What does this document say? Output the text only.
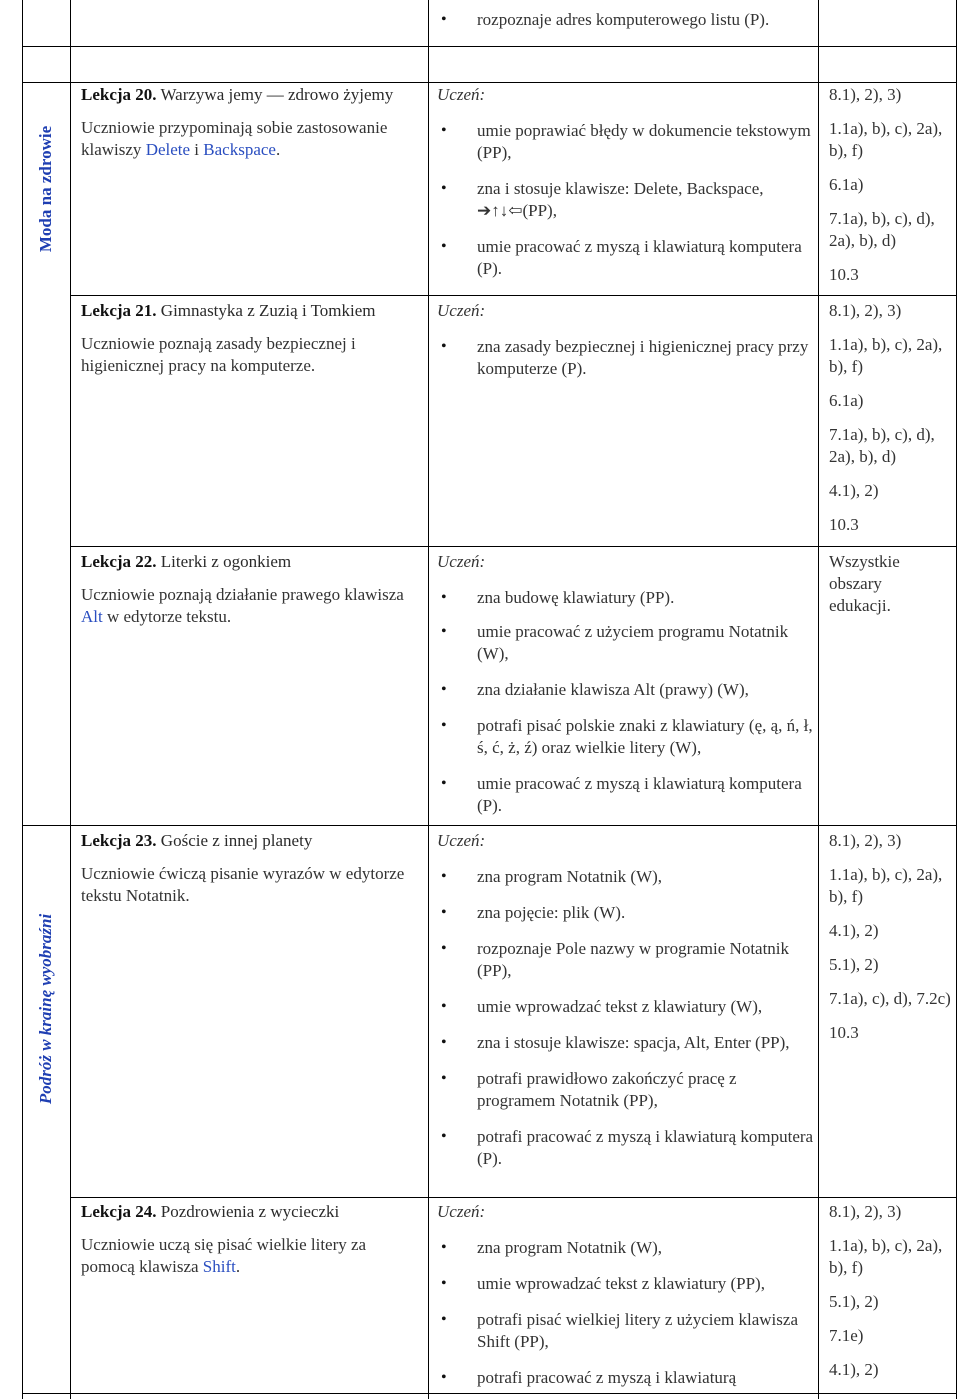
• rozpoznaje adres komputerowego listu (P).
Moda na zdrowie
Podróż w krainę wyobraźni
Lekcja 20. Warzywa jemy — zdrowo żyjemy
Uczniowie przypominają sobie zastosowanie klawiszy Delete i Backspace.
Uczeń:
• umie poprawiać błędy w dokumencie tekstowym (PP),
• zna i stosuje klawisze: Delete, Backspace, ➔↑↓⇦(PP),
• umie pracować z myszą i klawiaturą komputera (P).
8.1), 2), 3)
1.1a), b), c), 2a), b), f)
6.1a)
7.1a), b), c), d), 2a), b), d)
10.3
Lekcja 21. Gimnastyka z Zuzią i Tomkiem
Uczniowie poznają zasady bezpiecznej i higienicznej pracy na komputerze.
Uczeń:
• zna zasady bezpiecznej i higienicznej pracy przy komputerze (P).
8.1), 2), 3)
1.1a), b), c), 2a), b), f)
6.1a)
7.1a), b), c), d), 2a), b), d)
4.1), 2)
10.3
Lekcja 22. Literki z ogonkiem
Uczniowie poznają działanie prawego klawisza Alt w edytorze tekstu.
Uczeń:
• zna budowę klawiatury (PP).
• umie pracować z użyciem programu Notatnik (W),
• zna działanie klawisza Alt (prawy) (W),
• potrafi pisać polskie znaki z klawiatury (ę, ą, ń, ł, ś, ć, ż, ź) oraz wielkie litery (W),
• umie pracować z myszą i klawiaturą komputera (P).
Wszystkie obszary edukacji.
Lekcja 23. Goście z innej planety
Uczniowie ćwiczą pisanie wyrazów w edytorze tekstu Notatnik.
Uczeń:
• zna program Notatnik (W),
• zna pojęcie: plik (W).
• rozpoznaje Pole nazwy w programie Notatnik (PP),
• umie wprowadzać tekst z klawiatury (W),
• zna i stosuje klawisze: spacja, Alt, Enter (PP),
• potrafi prawidłowo zakończyć pracę z programem Notatnik (PP),
• potrafi pracować z myszą i klawiaturą komputera (P).
8.1), 2), 3)
1.1a), b), c), 2a), b), f)
4.1), 2)
5.1), 2)
7.1a), c), d), 7.2c)
10.3
Lekcja 24. Pozdrowienia z wycieczki
Uczniowie uczą się pisać wielkie litery za pomocą klawisza Shift.
Uczeń:
• zna program Notatnik (W),
• umie wprowadzać tekst z klawiatury (PP),
• potrafi pisać wielkiej litery z użyciem klawisza Shift (PP),
• potrafi pracować z myszą i klawiaturą
8.1), 2), 3)
1.1a), b), c), 2a), b), f)
5.1), 2)
7.1e)
4.1), 2)
